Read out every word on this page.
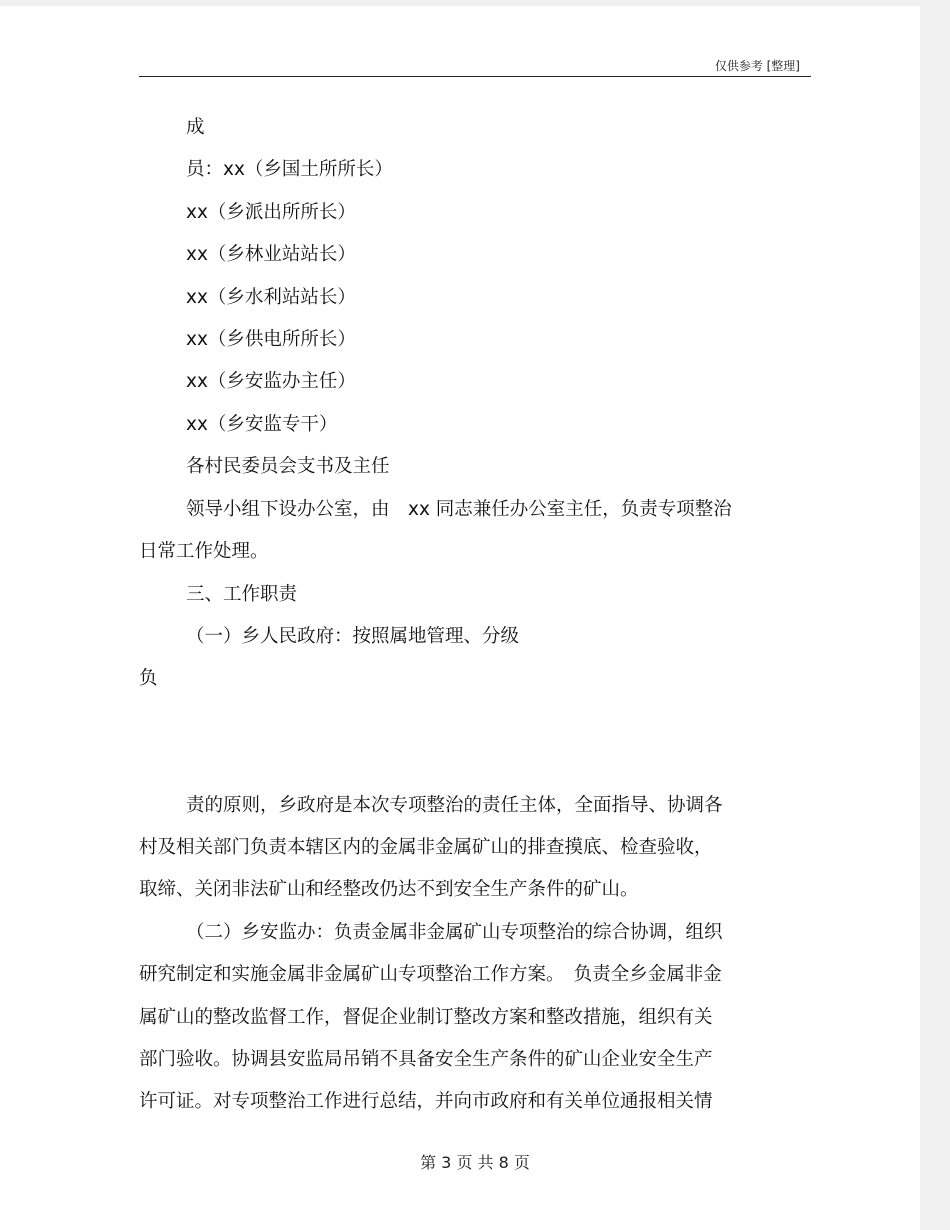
仅供参考 [整理]
成
员：xx（乡国土所所长）
xx（乡派出所所长）
xx（乡林业站站长）
xx（乡水利站站长）
xx（乡供电所所长）
xx（乡安监办主任）
xx（乡安监专干）
各村民委员会支书及主任
领导小组下设办公室，由　xx 同志兼任办公室主任，负责专项整治
日常工作处理。
三、工作职责
（一）乡人民政府：按照属地管理、分级
负
责的原则，乡政府是本次专项整治的责任主体，全面指导、协调各
村及相关部门负责本辖区内的金属非金属矿山的排查摸底、检查验收，
取缔、关闭非法矿山和经整改仍达不到安全生产条件的矿山。
（二）乡安监办：负责金属非金属矿山专项整治的综合协调，组织
研究制定和实施金属非金属矿山专项整治工作方案。　负责全乡金属非金
属矿山的整改监督工作，督促企业制订整改方案和整改措施，组织有关
部门验收。协调县安监局吊销不具备安全生产条件的矿山企业安全生产
许可证。对专项整治工作进行总结，并向市政府和有关单位通报相关情
第 3 页 共 8 页
